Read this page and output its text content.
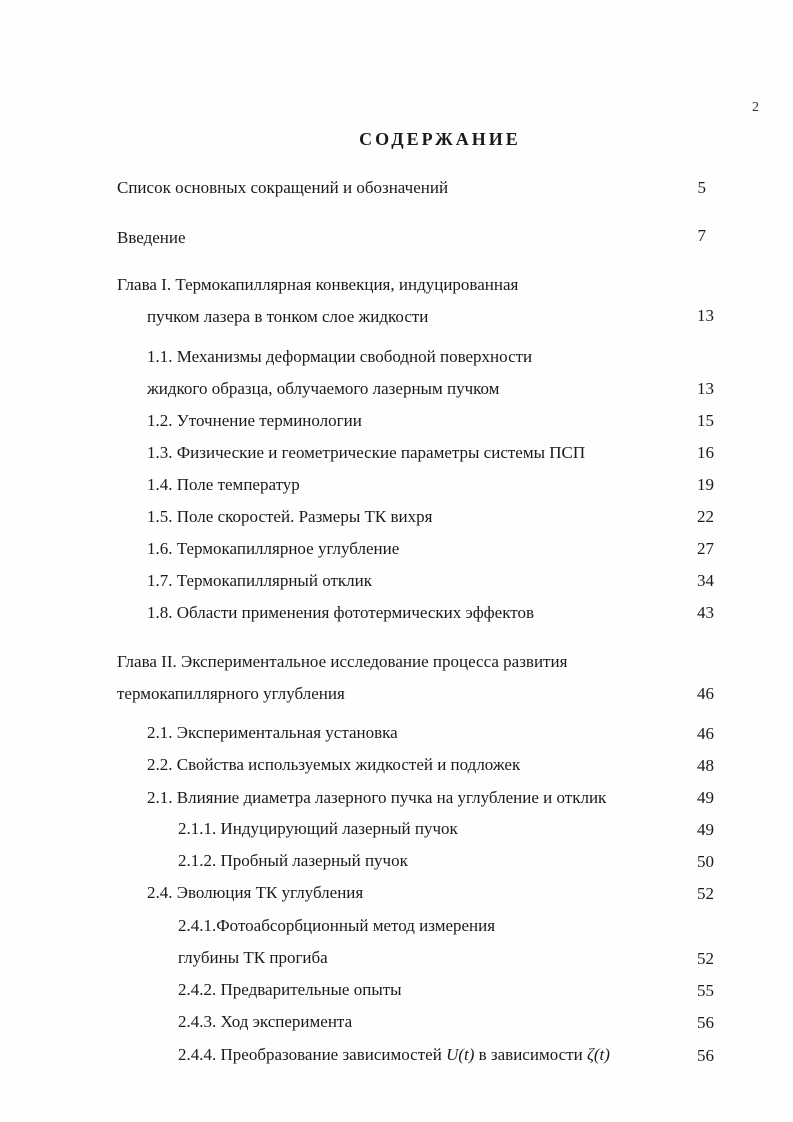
2
СОДЕРЖАНИЕ
Список основных сокращений и обозначений	5
Введение	7
Глава I. Термокапиллярная конвекция, индуцированная
пучком лазера в тонком слое жидкости	13
1.1. Механизмы деформации свободной поверхности
жидкого образца, облучаемого лазерным пучком	13
1.2. Уточнение терминологии	15
1.3. Физические и геометрические параметры системы ПСП	16
1.4. Поле температур	19
1.5. Поле скоростей. Размеры ТК вихря	22
1.6. Термокапиллярное углубление	27
1.7. Термокапиллярный отклик	34
1.8. Области применения фототермических эффектов	43
Глава II. Экспериментальное исследование процесса развития
термокапиллярного углубления	46
2.1. Экспериментальная установка	46
2.2. Свойства используемых жидкостей и подложек	48
2.1. Влияние диаметра лазерного пучка на углубление и отклик	49
2.1.1. Индуцирующий лазерный пучок	49
2.1.2. Пробный лазерный пучок	50
2.4. Эволюция ТК углубления	52
2.4.1.Фотоабсорбционный метод измерения
глубины ТК прогиба	52
2.4.2. Предварительные опыты	55
2.4.3. Ход эксперимента	56
2.4.4. Преобразование зависимостей U(t) в зависимости ζ(t)	56
